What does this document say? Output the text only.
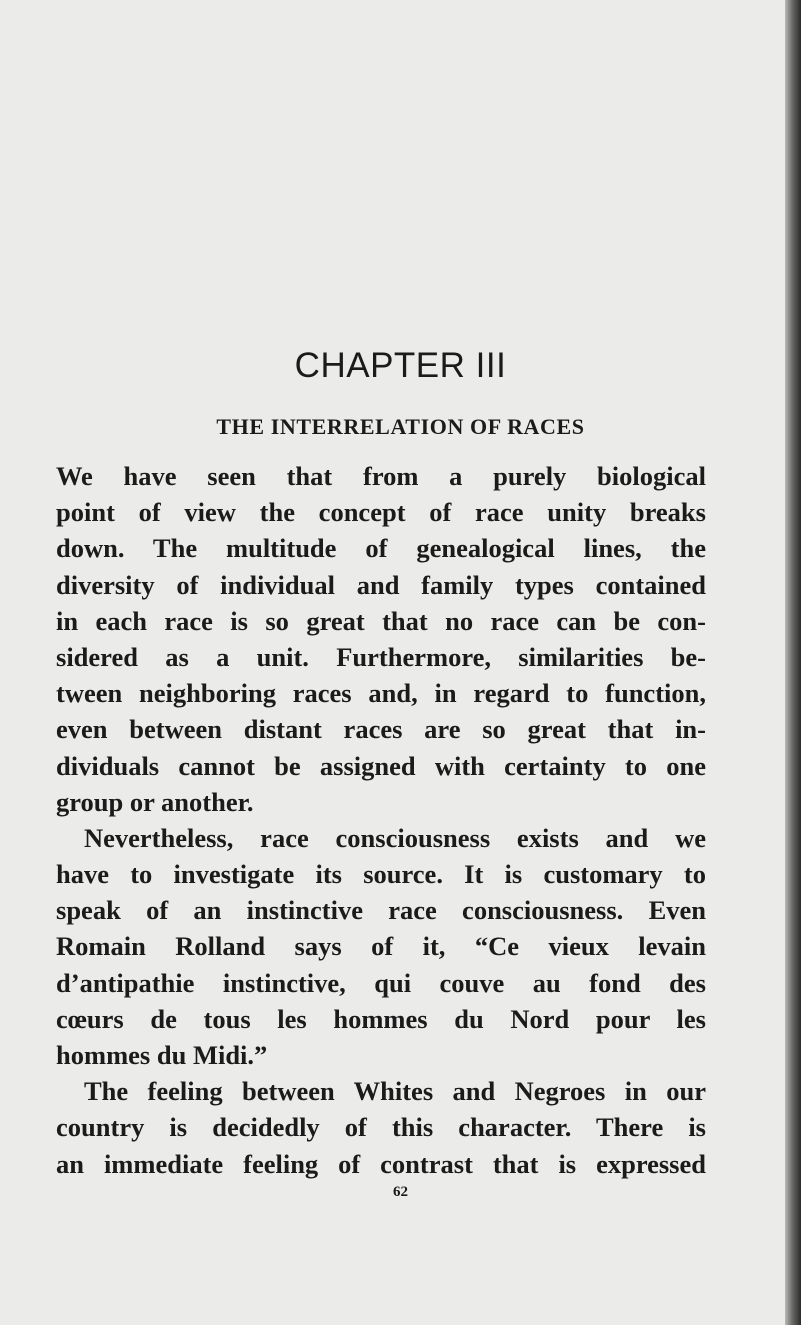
CHAPTER III
THE INTERRELATION OF RACES
We have seen that from a purely biological
point of view the concept of race unity breaks
down. The multitude of genealogical lines, the
diversity of individual and family types contained
in each race is so great that no race can be con-
sidered as a unit. Furthermore, similarities be-
tween neighboring races and, in regard to function,
even between distant races are so great that in-
dividuals cannot be assigned with certainty to one
group or another.
Nevertheless, race consciousness exists and we
have to investigate its source. It is customary to
speak of an instinctive race consciousness. Even
Romain Rolland says of it, “Ce vieux levain
d’antipathie instinctive, qui couve au fond des
cœurs de tous les hommes du Nord pour les
hommes du Midi.”
The feeling between Whites and Negroes in our
country is decidedly of this character. There is
an immediate feeling of contrast that is expressed
62
